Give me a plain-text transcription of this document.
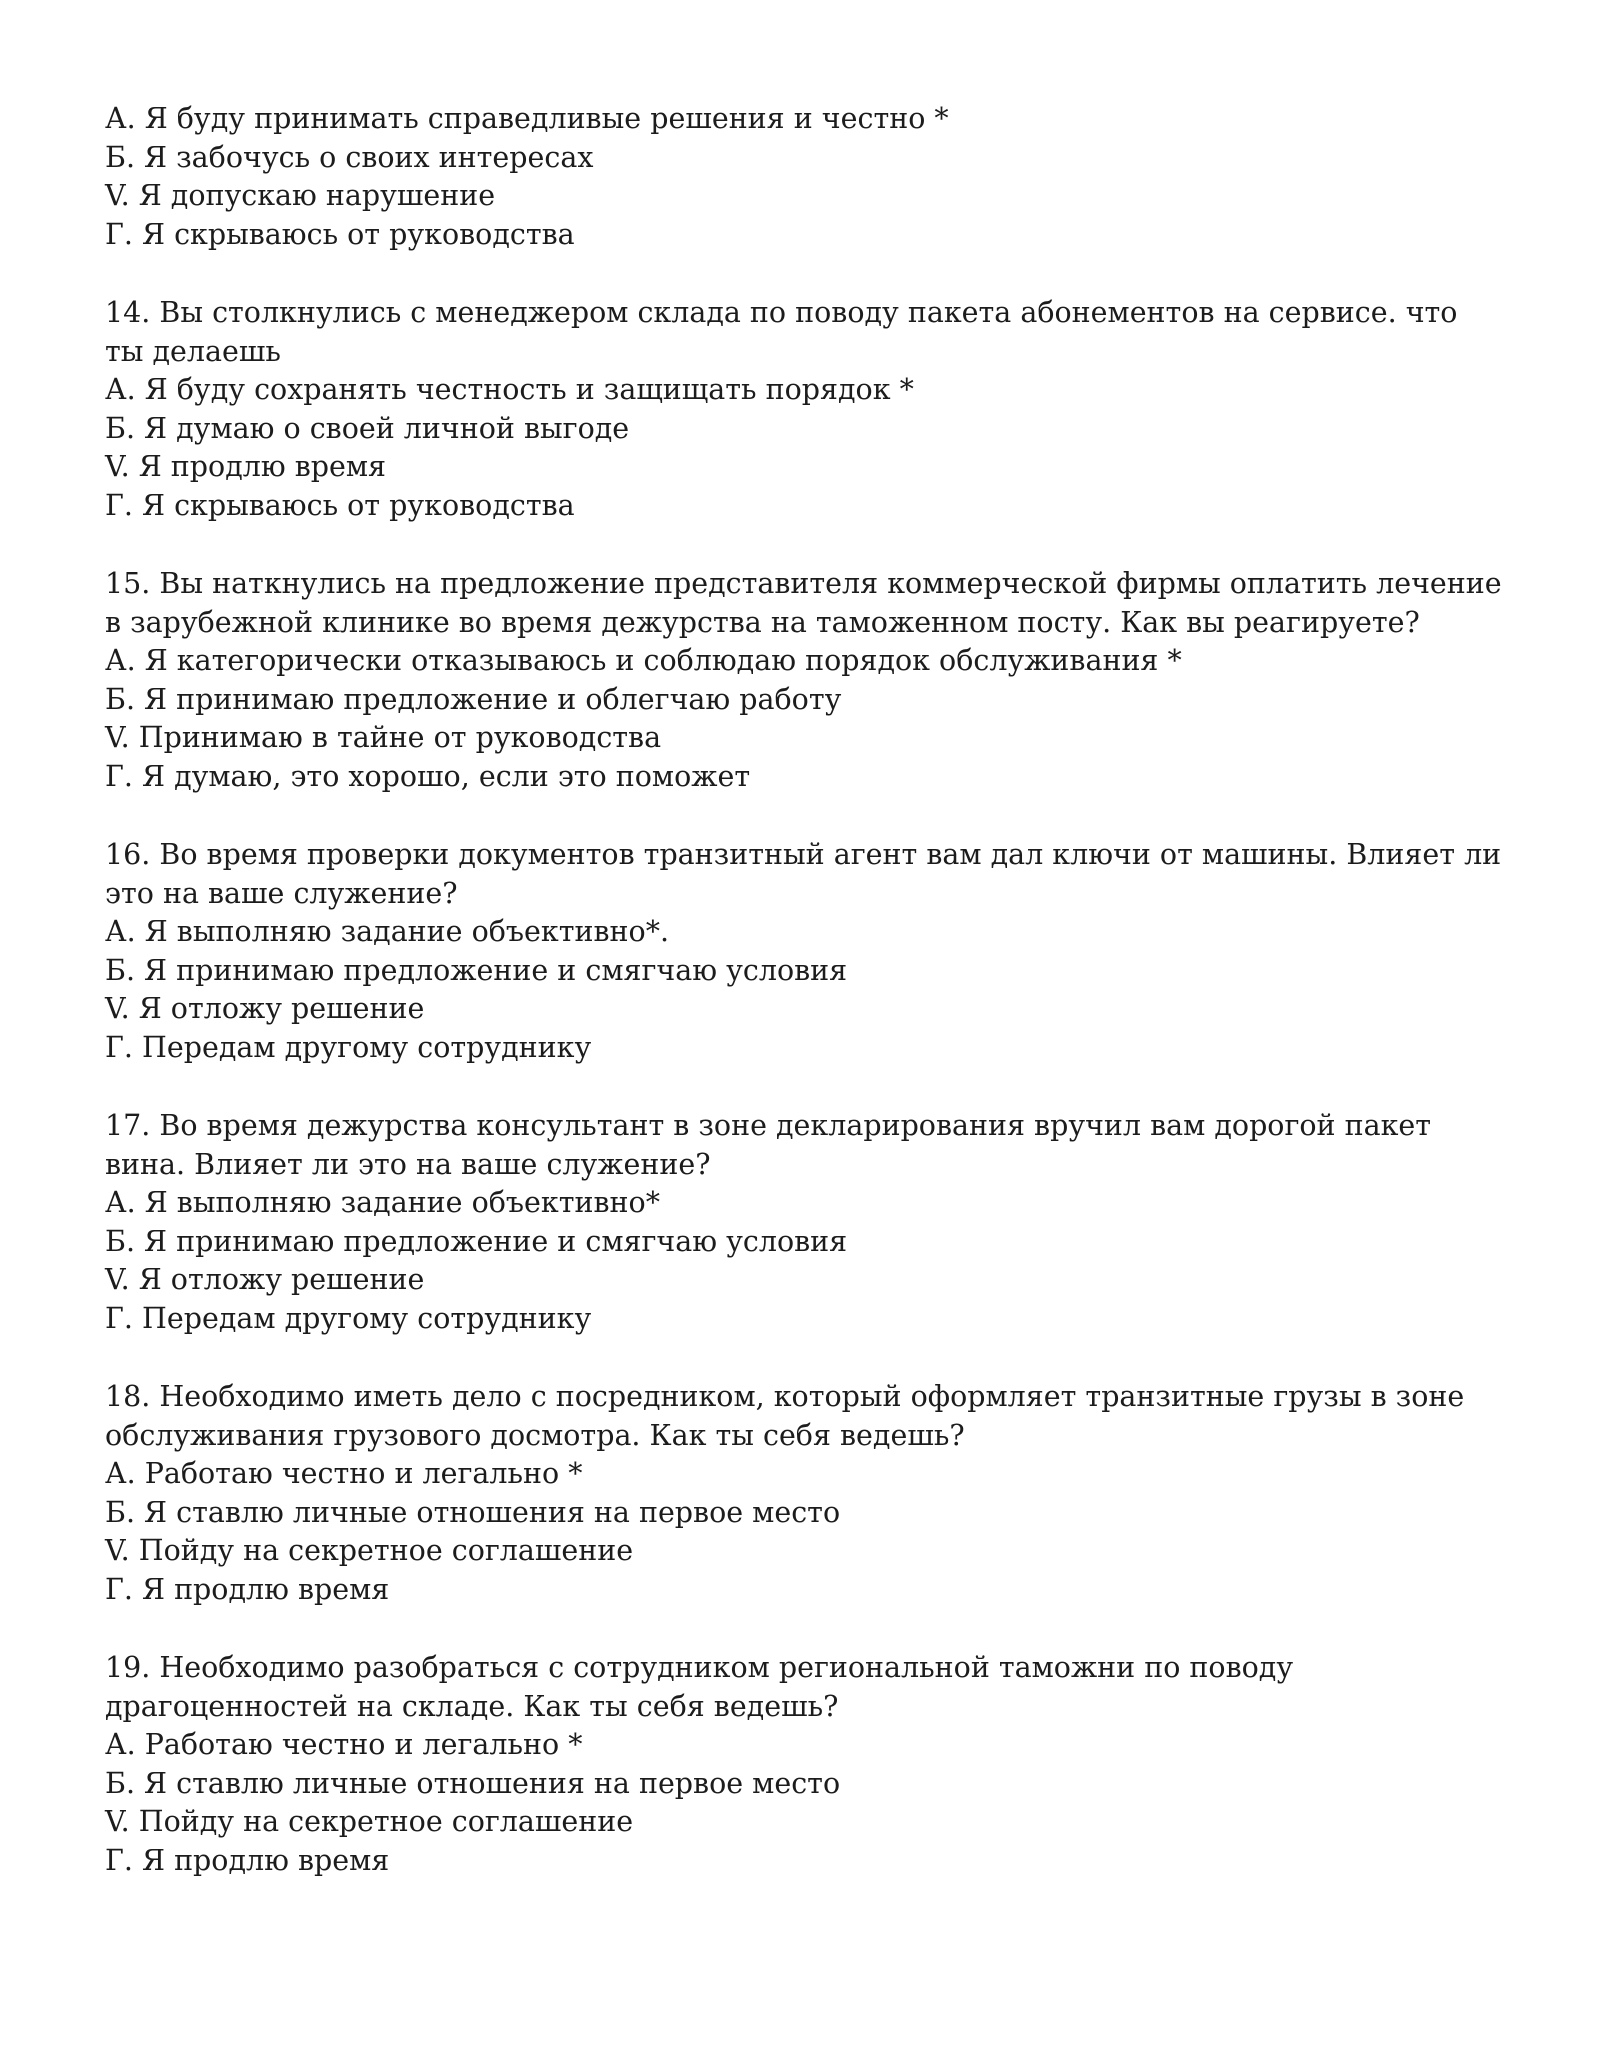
А. Я буду принимать справедливые решения и честно *

Б. Я забочусь о своих интересах

V. Я допускаю нарушение

Г. Я скрываюсь от руководства

14. Вы столкнулись с менеджером склада по поводу пакета абонементов на сервисе. что ты делаешь

А. Я буду сохранять честность и защищать порядок *

Б. Я думаю о своей личной выгоде

V. Я продлю время

Г. Я скрываюсь от руководства

15. Вы наткнулись на предложение представителя коммерческой фирмы оплатить лечение в зарубежной клинике во время дежурства на таможенном посту. Как вы реагируете?

А. Я категорически отказываюсь и соблюдаю порядок обслуживания *

Б. Я принимаю предложение и облегчаю работу

V. Принимаю в тайне от руководства

Г. Я думаю, это хорошо, если это поможет

16. Во время проверки документов транзитный агент вам дал ключи от машины. Влияет ли это на ваше служение?

А. Я выполняю задание объективно*.

Б. Я принимаю предложение и смягчаю условия

V. Я отложу решение

Г. Передам другому сотруднику

17. Во время дежурства консультант в зоне декларирования вручил вам дорогой пакет вина. Влияет ли это на ваше служение?

А. Я выполняю задание объективно*

Б. Я принимаю предложение и смягчаю условия

V. Я отложу решение

Г. Передам другому сотруднику

18. Необходимо иметь дело с посредником, который оформляет транзитные грузы в зоне обслуживания грузового досмотра. Как ты себя ведешь?

А. Работаю честно и легально *

Б. Я ставлю личные отношения на первое место

V. Пойду на секретное соглашение

Г. Я продлю время

19. Необходимо разобраться с сотрудником региональной таможни по поводу драгоценностей на складе. Как ты себя ведешь?

А. Работаю честно и легально *

Б. Я ставлю личные отношения на первое место

V. Пойду на секретное соглашение

Г. Я продлю время
